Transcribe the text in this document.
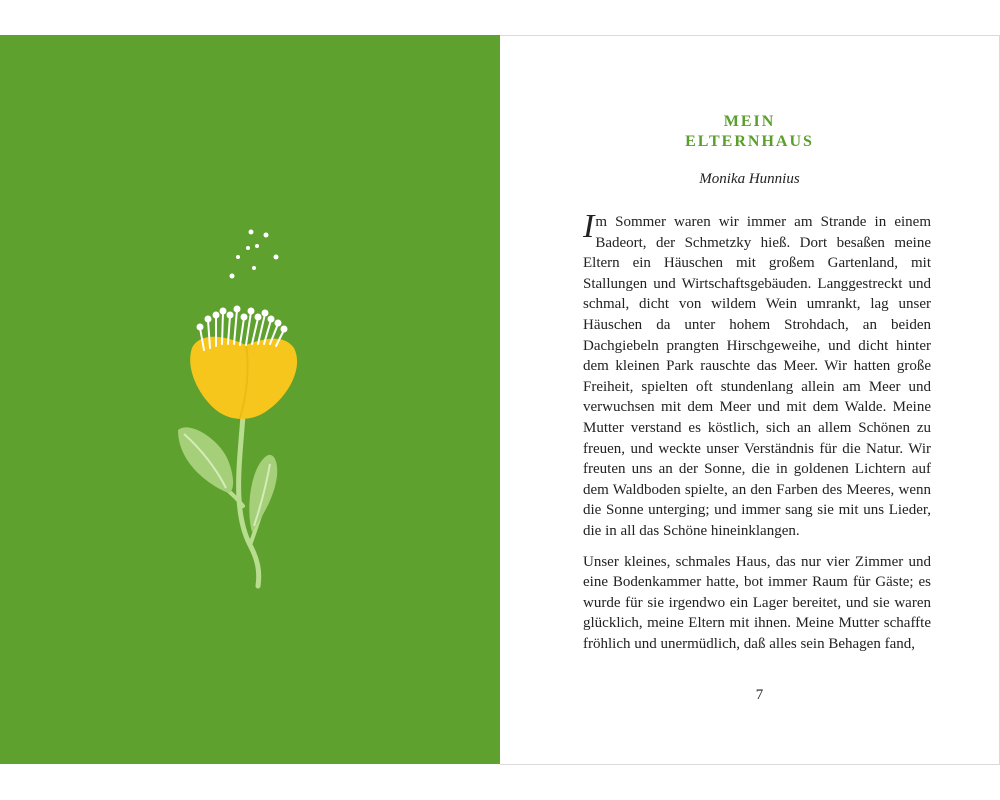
MEIN
ELTERNHAUS
Monika Hunnius

Im Sommer waren wir immer am Strande in einem Badeort, der Schmetzky hieß. Dort besaßen meine Eltern ein Häuschen mit großem Gartenland, mit Stallungen und Wirtschaftsgebäuden. Langgestreckt und schmal, dicht von wildem Wein umrankt, lag unser Häuschen da unter hohem Strohdach, an beiden Dachgiebeln prangten Hirschgeweihe, und dicht hinter dem kleinen Park rauschte das Meer. Wir hatten große Freiheit, spielten oft stundenlang allein am Meer und verwuchsen mit dem Meer und mit dem Walde. Meine Mutter verstand es köstlich, sich an allem Schönen zu freuen, und weckte unser Verständnis für die Natur. Wir freuten uns an der Sonne, die in goldenen Lichtern auf dem Waldboden spielte, an den Farben des Meeres, wenn die Sonne unterging; und immer sang sie mit uns Lieder, die in all das Schöne hineinklangen.

Unser kleines, schmales Haus, das nur vier Zimmer und eine Bodenkammer hatte, bot immer Raum für Gäste; es wurde für sie irgendwo ein Lager bereitet, und sie waren glücklich, meine Eltern mit ihnen. Meine Mutter schaffte fröhlich und unermüdlich, daß alles sein Behagen fand,

7
